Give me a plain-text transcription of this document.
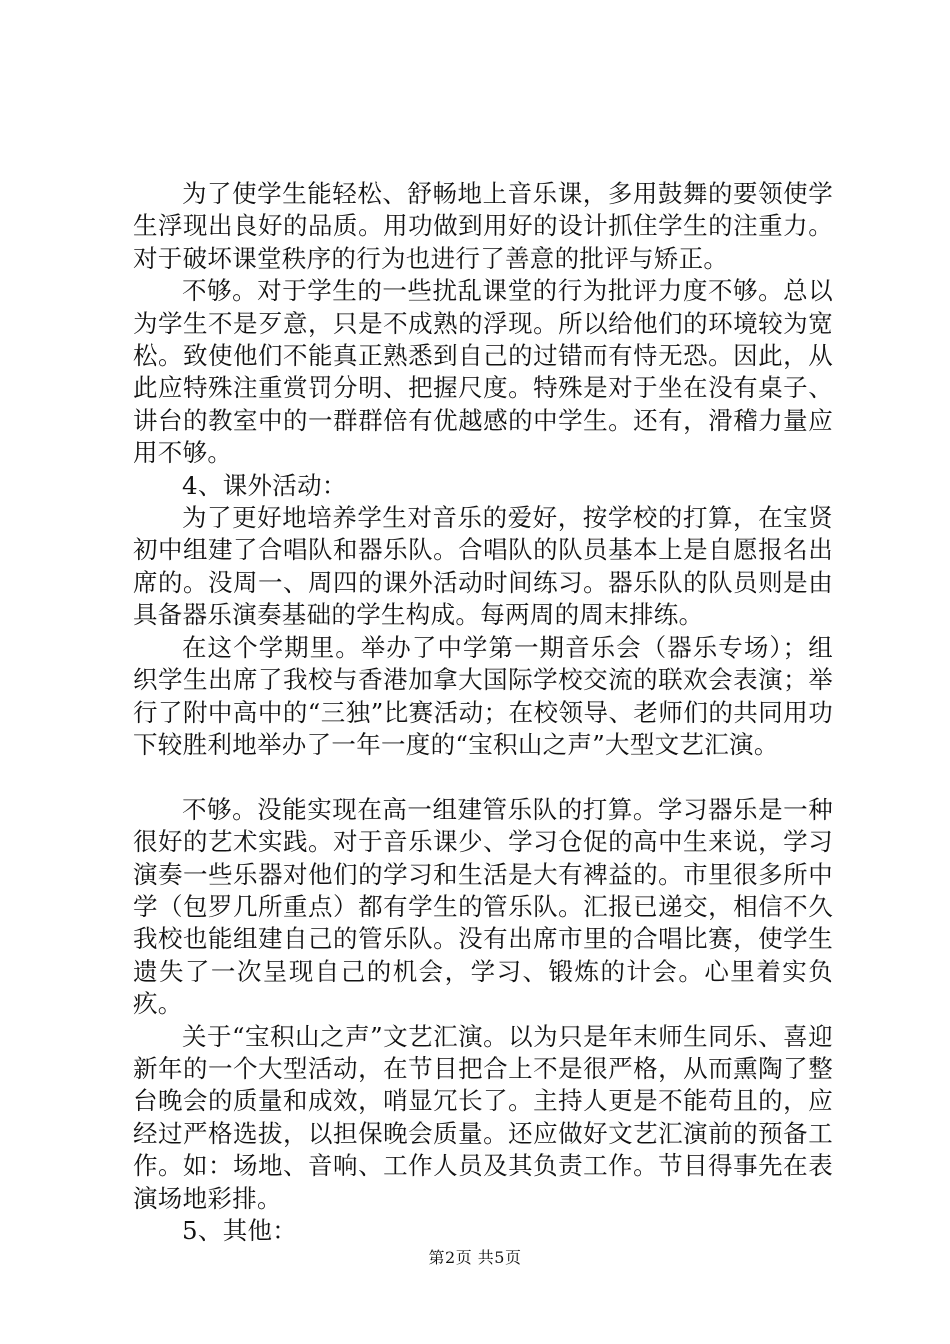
为了使学生能轻松、舒畅地上音乐课，多用鼓舞的要领使学生浮现出良好的品质。用功做到用好的设计抓住学生的注重力。对于破坏课堂秩序的行为也进行了善意的批评与矫正。

不够。对于学生的一些扰乱课堂的行为批评力度不够。总以为学生不是歹意，只是不成熟的浮现。所以给他们的环境较为宽松。致使他们不能真正熟悉到自己的过错而有恃无恐。因此，从此应特殊注重赏罚分明、把握尺度。特殊是对于坐在没有桌子、讲台的教室中的一群群倍有优越感的中学生。还有，滑稽力量应用不够。

4、课外活动：

为了更好地培养学生对音乐的爱好，按学校的打算，在宝贤初中组建了合唱队和器乐队。合唱队的队员基本上是自愿报名出席的。没周一、周四的课外活动时间练习。器乐队的队员则是由具备器乐演奏基础的学生构成。每两周的周末排练。

在这个学期里。举办了中学第一期音乐会（器乐专场）；组织学生出席了我校与香港加拿大国际学校交流的联欢会表演；举行了附中高中的“三独”比赛活动；在校领导、老师们的共同用功下较胜利地举办了一年一度的“宝积山之声”大型文艺汇演。

不够。没能实现在高一组建管乐队的打算。学习器乐是一种很好的艺术实践。对于音乐课少、学习仓促的高中生来说，学习演奏一些乐器对他们的学习和生活是大有裨益的。市里很多所中学（包罗几所重点）都有学生的管乐队。汇报已递交，相信不久我校也能组建自己的管乐队。没有出席市里的合唱比赛，使学生遗失了一次呈现自己的机会，学习、锻炼的计会。心里着实负疚。

关于“宝积山之声”文艺汇演。以为只是年末师生同乐、喜迎新年的一个大型活动，在节目把合上不是很严格，从而熏陶了整台晚会的质量和成效，哨显冗长了。主持人更是不能苟且的，应经过严格选拔，以担保晚会质量。还应做好文艺汇演前的预备工作。如：场地、音响、工作人员及其负责工作。节目得事先在表演场地彩排。

5、其他：

第2页 共5页
